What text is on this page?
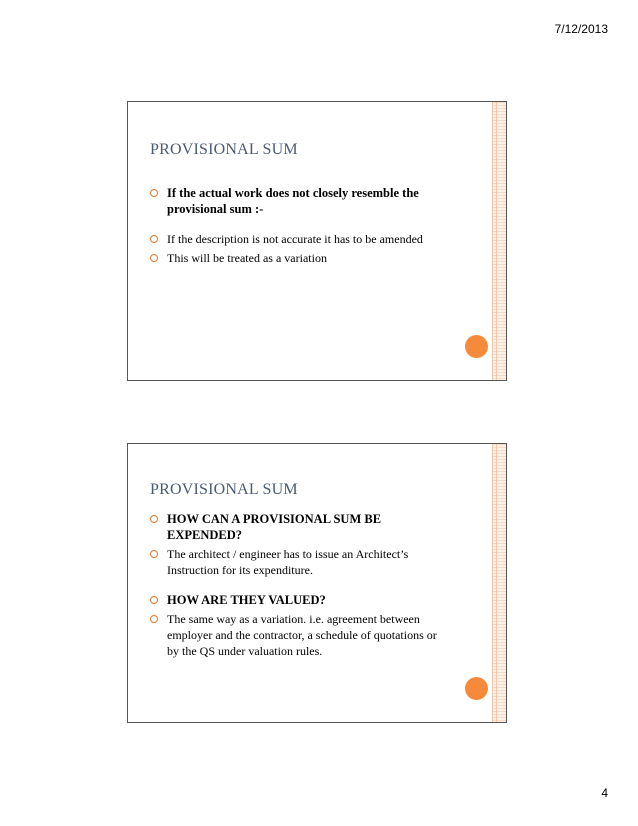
7/12/2013
PROVISIONAL SUM
If the actual work does not closely resemble the provisional sum :-
If the description is not accurate it has to be amended
This will be treated as a variation
PROVISIONAL SUM
HOW CAN A PROVISIONAL SUM BE EXPENDED?
The architect / engineer has to issue an Architect’s Instruction for its expenditure.
HOW ARE THEY VALUED?
The same way as a variation. i.e. agreement between employer and the contractor, a schedule of quotations or by the QS under valuation rules.
4
